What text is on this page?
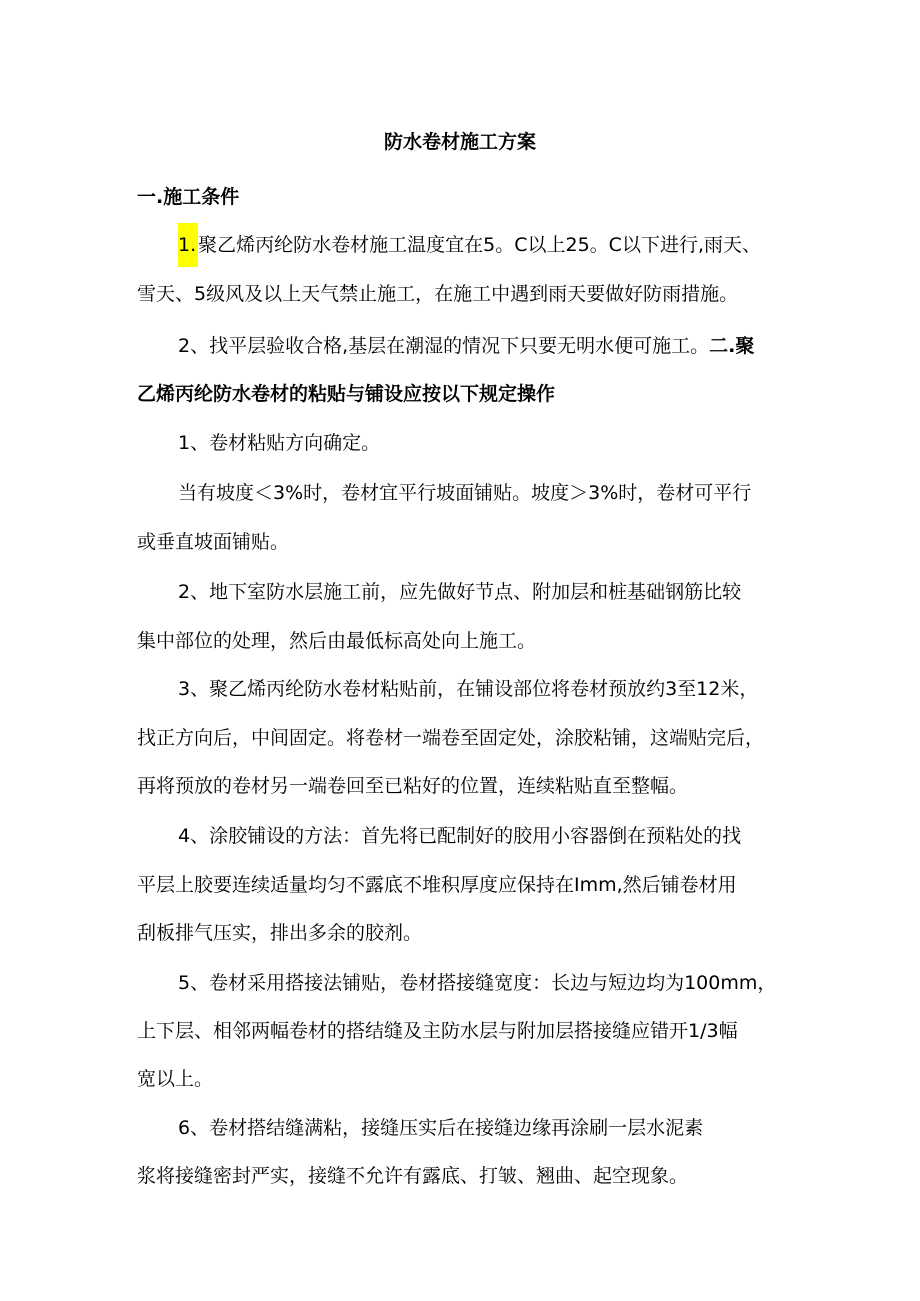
防水卷材施工方案
一.施工条件
1. 聚乙烯丙纶防水卷材施工温度宜在5。C以上25。C以下进行,雨天、
雪天、5级风及以上天气禁止施工，在施工中遇到雨天要做好防雨措施。
2、找平层验收合格,基层在潮湿的情况下只要无明水便可施工。二.聚
乙烯丙纶防水卷材的粘贴与铺设应按以下规定操作
1、卷材粘贴方向确定。
当有坡度＜3%时，卷材宜平行坡面铺贴。坡度＞3%时，卷材可平行
或垂直坡面铺贴。
2、地下室防水层施工前，应先做好节点、附加层和桩基础钢筋比较
集中部位的处理，然后由最低标高处向上施工。
3、聚乙烯丙纶防水卷材粘贴前，在铺设部位将卷材预放约3至12米，
找正方向后，中间固定。将卷材一端卷至固定处，涂胶粘铺，这端贴完后，
再将预放的卷材另一端卷回至已粘好的位置，连续粘贴直至整幅。
4、涂胶铺设的方法：首先将已配制好的胶用小容器倒在预粘处的找
平层上胶要连续适量均匀不露底不堆积厚度应保持在Imm,然后铺卷材用
刮板排气压实，排出多余的胶剂。
5、卷材采用搭接法铺贴，卷材搭接缝宽度：长边与短边均为100mm，
上下层、相邻两幅卷材的搭结缝及主防水层与附加层搭接缝应错开1/3幅
宽以上。
6、卷材搭结缝满粘，接缝压实后在接缝边缘再涂刷一层水泥素
浆将接缝密封严实，接缝不允许有露底、打皱、翘曲、起空现象。
